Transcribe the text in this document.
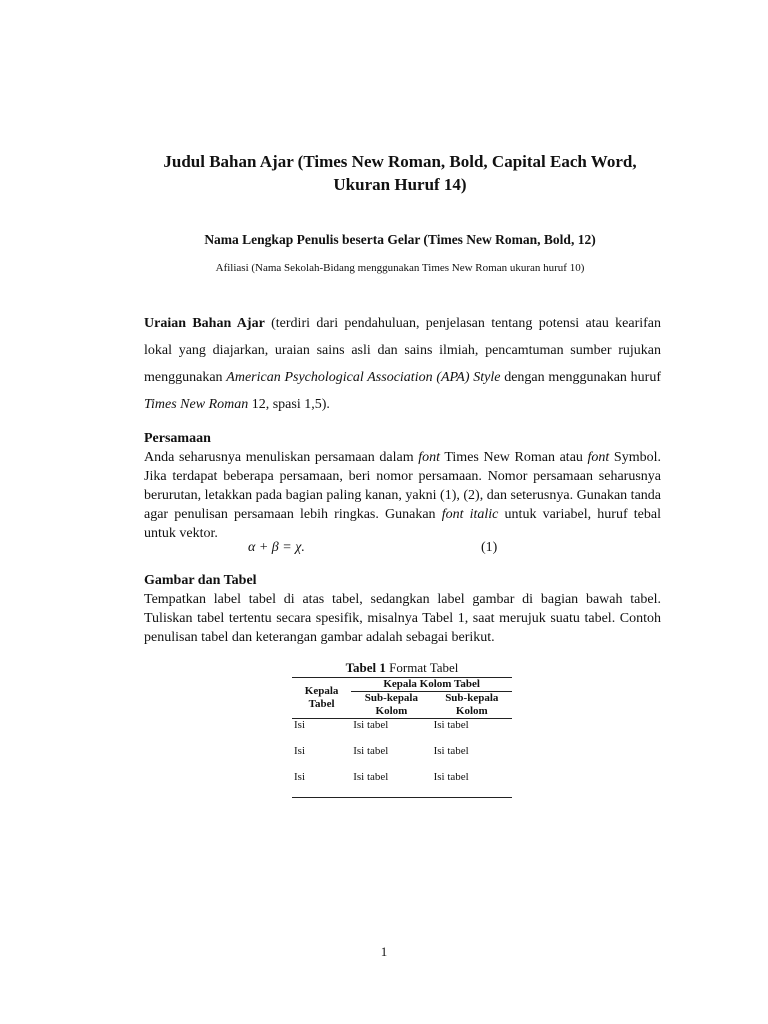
Judul Bahan Ajar (Times New Roman, Bold, Capital Each Word,
Ukuran Huruf 14)
Nama Lengkap Penulis beserta Gelar (Times New Roman, Bold, 12)
Afiliasi (Nama Sekolah-Bidang menggunakan Times New Roman ukuran huruf 10)
Uraian Bahan Ajar (terdiri dari pendahuluan, penjelasan tentang potensi atau kearifan lokal yang diajarkan, uraian sains asli dan sains ilmiah, pencamtuman sumber rujukan menggunakan American Psychological Association (APA) Style dengan menggunakan huruf Times New Roman 12, spasi 1,5).
Persamaan
Anda seharusnya menuliskan persamaan dalam font Times New Roman atau font Symbol. Jika terdapat beberapa persamaan, beri nomor persamaan. Nomor persamaan seharusnya berurutan, letakkan pada bagian paling kanan, yakni (1), (2), dan seterusnya. Gunakan tanda agar penulisan persamaan lebih ringkas. Gunakan font italic untuk variabel, huruf tebal untuk vektor.
α + β = χ.	(1)
Gambar dan Tabel
Tempatkan label tabel di atas tabel, sedangkan label gambar di bagian bawah tabel. Tuliskan tabel tertentu secara spesifik, misalnya Tabel 1, saat merujuk suatu tabel. Contoh penulisan tabel dan keterangan gambar adalah sebagai berikut.
Tabel 1 Format Tabel
Kepala Tabel	Kepala Kolom Tabel	
	Sub-kepala Kolom	Sub-kepala Kolom
Isi	Isi tabel	Isi tabel
Isi	Isi tabel	Isi tabel
Isi	Isi tabel	Isi tabel
1
